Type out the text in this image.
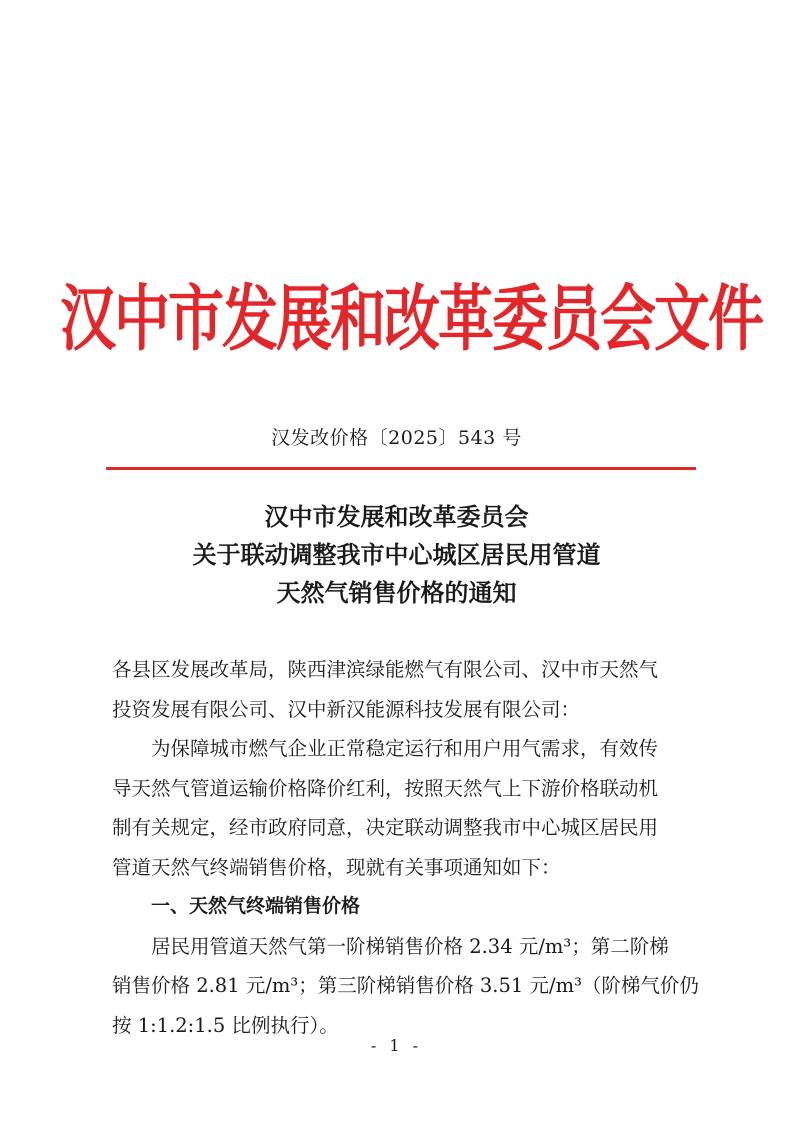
汉中市发展和改革委员会文件
汉发改价格〔2025〕543 号
汉中市发展和改革委员会
关于联动调整我市中心城区居民用管道
天然气销售价格的通知

各县区发展改革局，陕西津滨绿能燃气有限公司、汉中市天然气

投资发展有限公司、汉中新汉能源科技发展有限公司：

为保障城市燃气企业正常稳定运行和用户用气需求，有效传

导天然气管道运输价格降价红利，按照天然气上下游价格联动机

制有关规定，经市政府同意，决定联动调整我市中心城区居民用

管道天然气终端销售价格，现就有关事项通知如下：

一、天然气终端销售价格

居民用管道天然气第一阶梯销售价格 2.34 元/m³；第二阶梯

销售价格 2.81 元/m³；第三阶梯销售价格 3.51 元/m³（阶梯气价仍

按 1:1.2:1.5 比例执行）。

- 1 -
